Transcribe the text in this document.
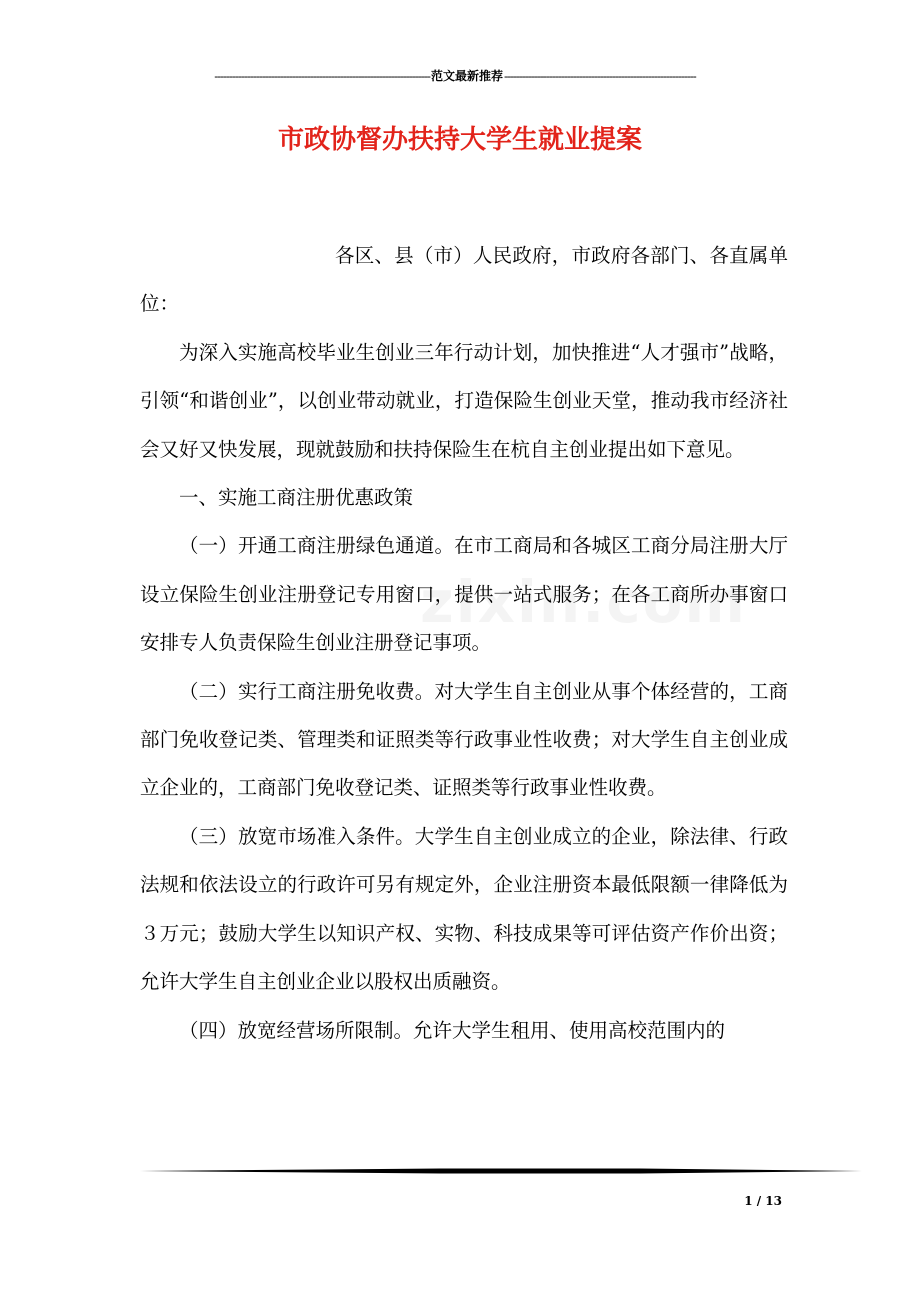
------------------------------------------------------------------------范文最新推荐----------------------------------------------------------------
市政协督办扶持大学生就业提案

各区、县（市）人民政府，市政府各部门、各直属单位：

为深入实施高校毕业生创业三年行动计划，加快推进“人才强市”战略，引领“和谐创业”，以创业带动就业，打造保险生创业天堂，推动我市经济社会又好又快发展，现就鼓励和扶持保险生在杭自主创业提出如下意见。

一、实施工商注册优惠政策

（一）开通工商注册绿色通道。在市工商局和各城区工商分局注册大厅设立保险生创业注册登记专用窗口，提供一站式服务；在各工商所办事窗口安排专人负责保险生创业注册登记事项。

（二）实行工商注册免收费。对大学生自主创业从事个体经营的，工商部门免收登记类、管理类和证照类等行政事业性收费；对大学生自主创业成立企业的，工商部门免收登记类、证照类等行政事业性收费。

（三）放宽市场准入条件。大学生自主创业成立的企业，除法律、行政法规和依法设立的行政许可另有规定外，企业注册资本最低限额一律降低为３万元；鼓励大学生以知识产权、实物、科技成果等可评估资产作价出资；允许大学生自主创业企业以股权出质融资。

（四）放宽经营场所限制。允许大学生租用、使用高校范围内的

1 / 13
